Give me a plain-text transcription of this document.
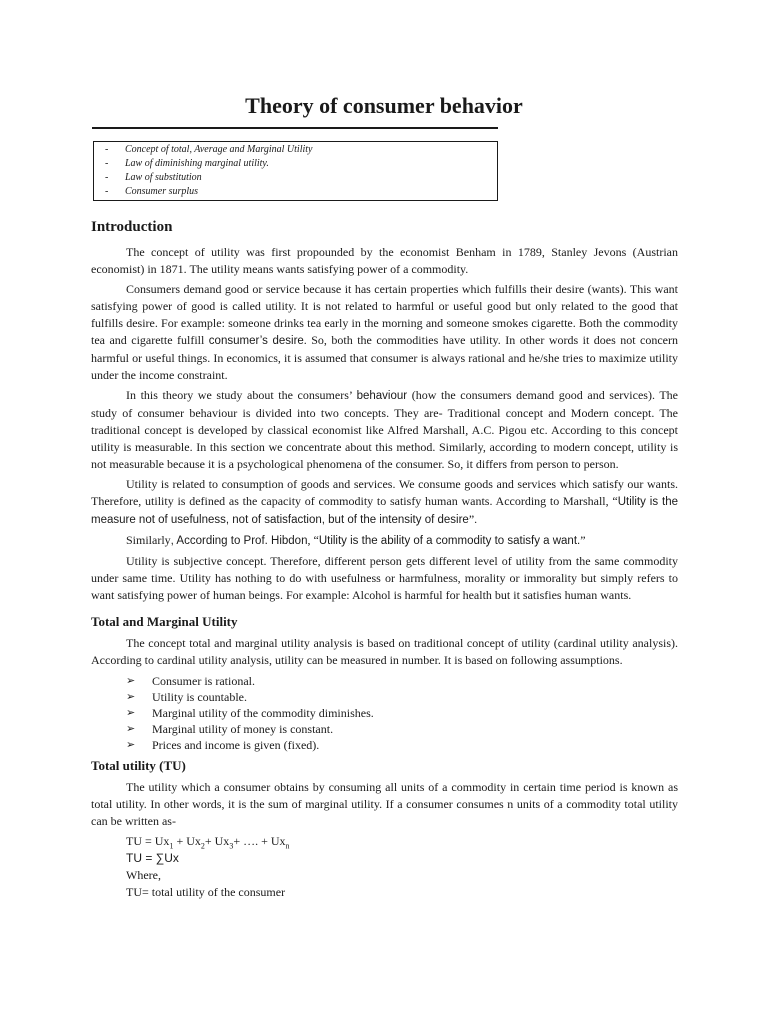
Theory of consumer behavior
- Concept of total, Average and Marginal Utility
- Law of diminishing marginal utility.
- Law of substitution
- Consumer surplus
Introduction

The concept of utility was first propounded by the economist Benham in 1789, Stanley Jevons (Austrian economist) in 1871. The utility means wants satisfying power of a commodity.

Consumers demand good or service because it has certain properties which fulfills their desire (wants). This want satisfying power of good is called utility. It is not related to harmful or useful good but only related to the good that fulfills desire. For example: someone drinks tea early in the morning and someone smokes cigarette. Both the commodity tea and cigarette fulfill consumer’s desire. So, both the commodities have utility. In other words it does not concern harmful or useful things. In economics, it is assumed that consumer is always rational and he/she tries to maximize utility under the income constraint.

In this theory we study about the consumers’ behaviour (how the consumers demand good and services). The study of consumer behaviour is divided into two concepts. They are- Traditional concept and Modern concept. The traditional concept is developed by classical economist like Alfred Marshall, A.C. Pigou etc. According to this concept utility is measurable. In this section we concentrate about this method. Similarly, according to modern concept, utility is not measurable because it is a psychological phenomena of the consumer. So, it differs from person to person.

Utility is related to consumption of goods and services. We consume goods and services which satisfy our wants. Therefore, utility is defined as the capacity of commodity to satisfy human wants. According to Marshall, “Utility is the measure not of usefulness, not of satisfaction, but of the intensity of desire”.

Similarly, According to Prof. Hibdon, “Utility is the ability of a commodity to satisfy a want.”

Utility is subjective concept. Therefore, different person gets different level of utility from the same commodity under same time. Utility has nothing to do with usefulness or harmfulness, morality or immorality but simply refers to want satisfying power of human beings. For example: Alcohol is harmful for health but it satisfies human wants.

Total and Marginal Utility

The concept total and marginal utility analysis is based on traditional concept of utility (cardinal utility analysis). According to cardinal utility analysis, utility can be measured in number. It is based on following assumptions.

➢ Consumer is rational.
➢ Utility is countable.
➢ Marginal utility of the commodity diminishes.
➢ Marginal utility of money is constant.
➢ Prices and income is given (fixed).
Total utility (TU)

The utility which a consumer obtains by consuming all units of a commodity in certain time period is known as total utility. In other words, it is the sum of marginal utility. If a consumer consumes n units of a commodity total utility can be written as-

TU = $Ux_1 + Ux_2+ Ux_3+$ …. + $Ux_n$

TU = ∑Ux

Where,

TU= total utility of the consumer
